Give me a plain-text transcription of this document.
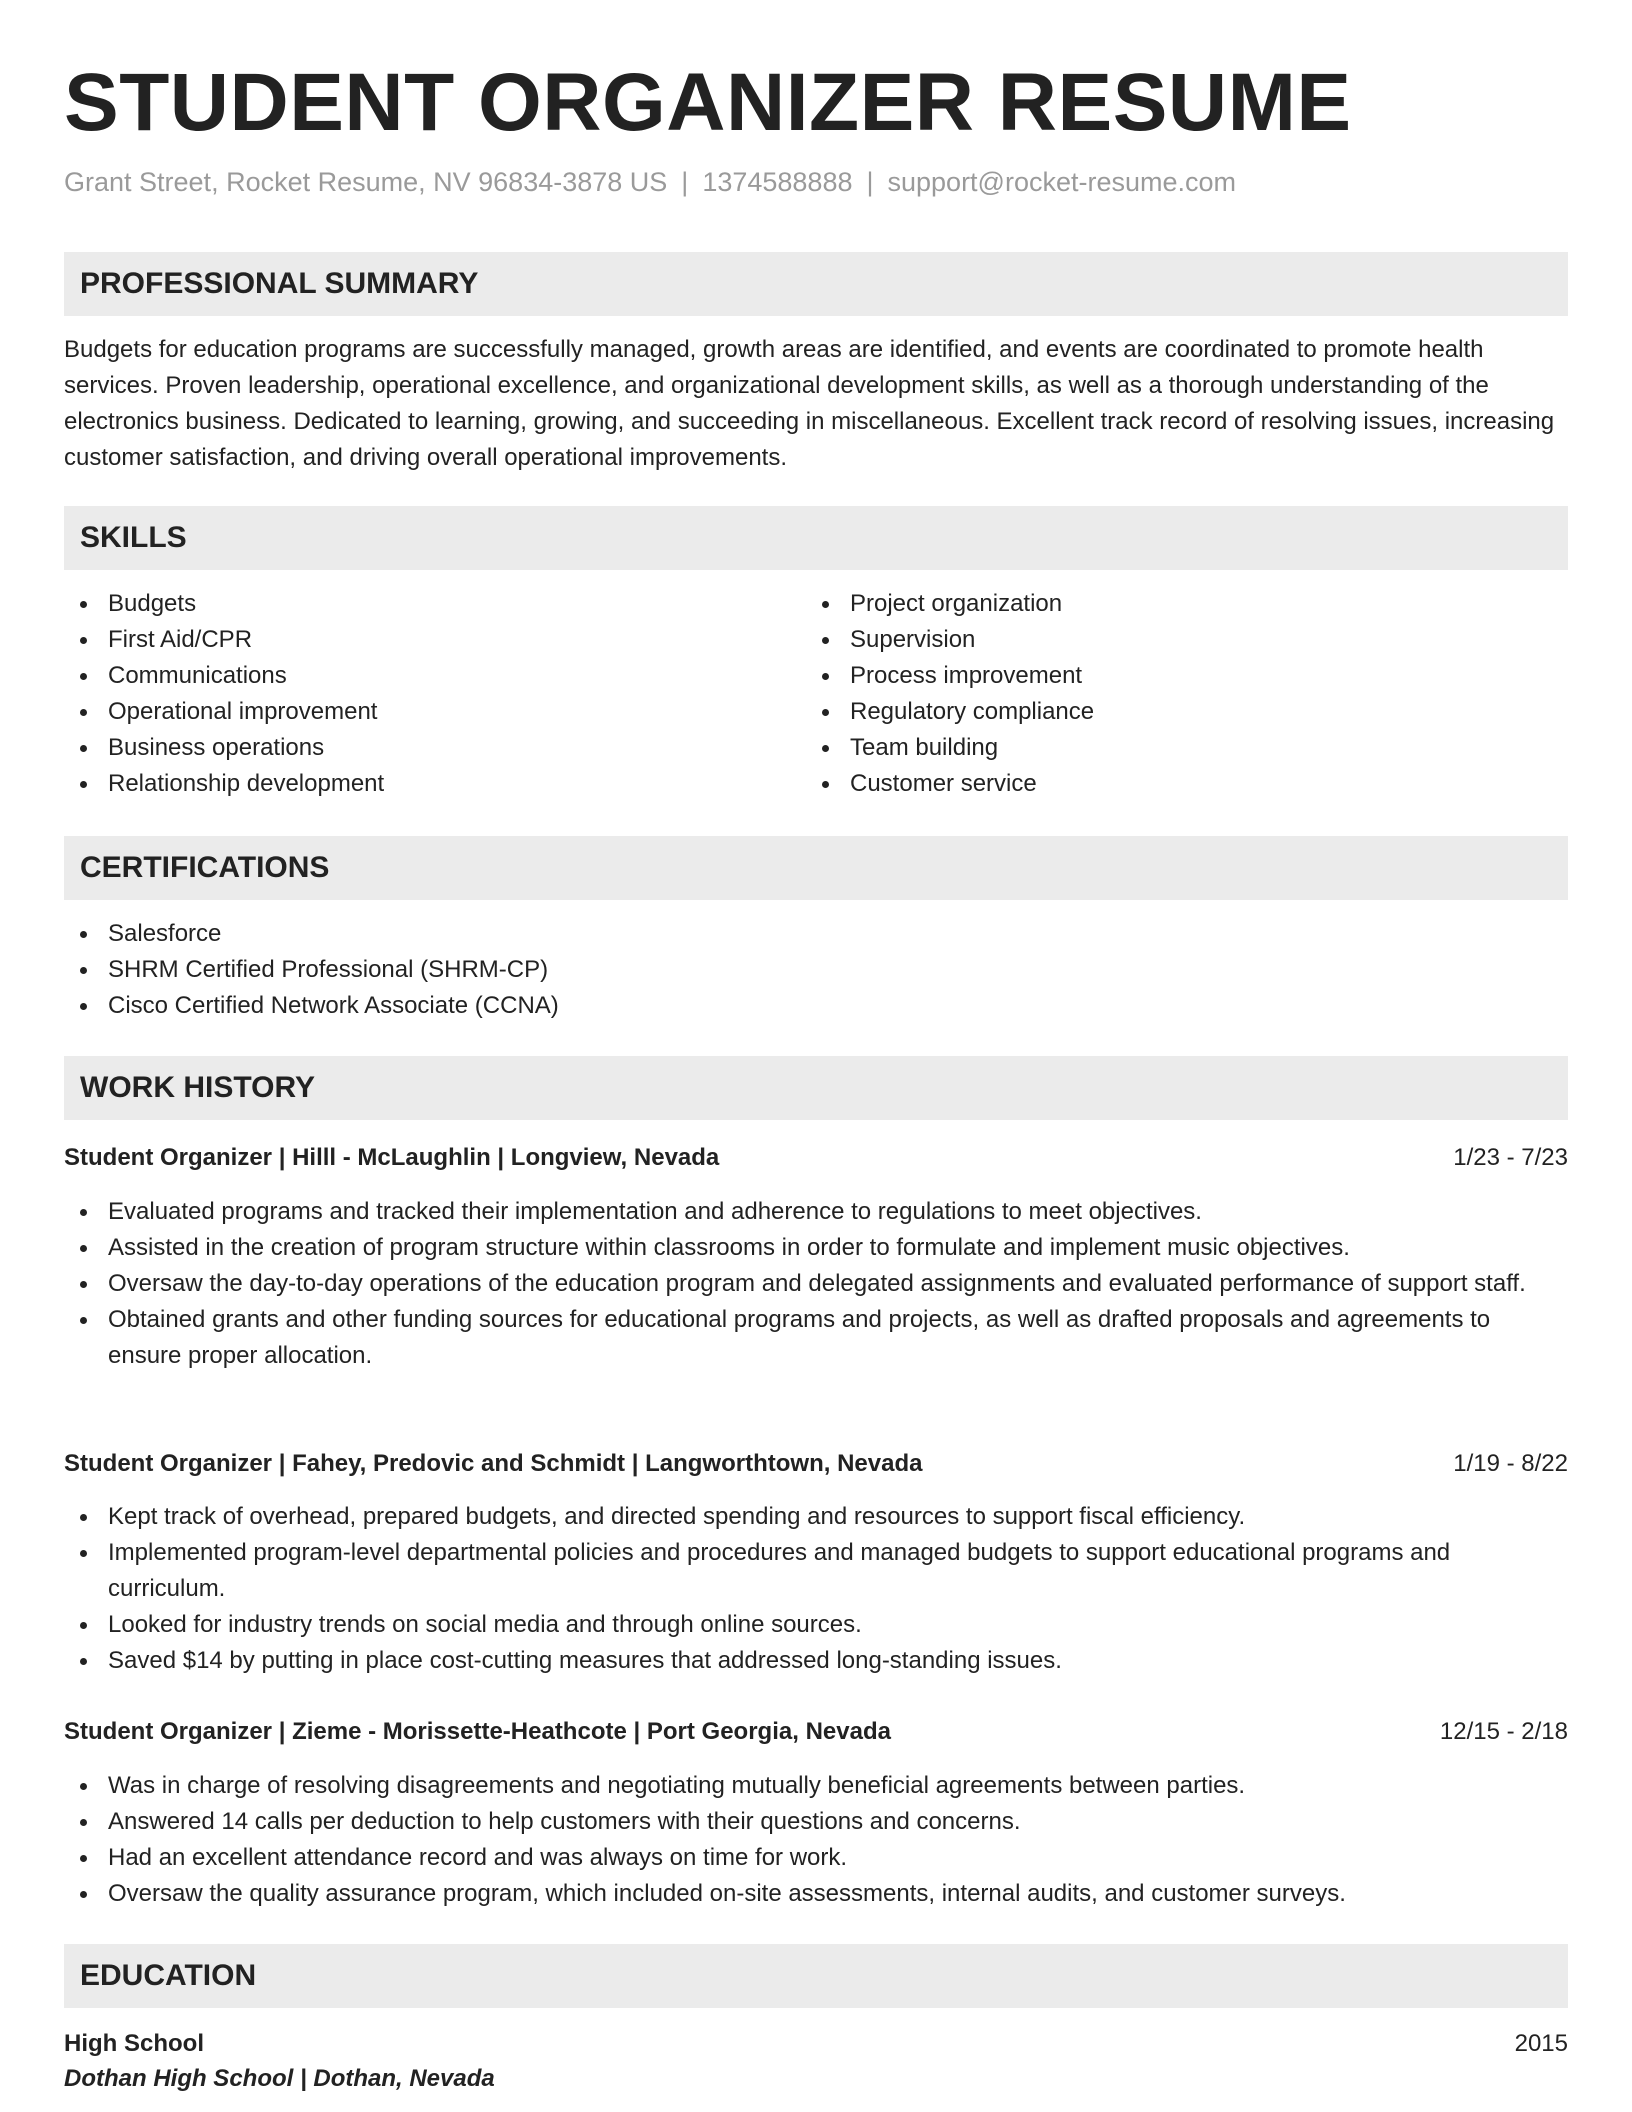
STUDENT ORGANIZER RESUME
Grant Street, Rocket Resume, NV 96834-3878 US | 1374588888 | support@rocket-resume.com
PROFESSIONAL SUMMARY

Budgets for education programs are successfully managed, growth areas are identified, and events are coordinated to promote health services. Proven leadership, operational excellence, and organizational development skills, as well as a thorough understanding of the electronics business. Dedicated to learning, growing, and succeeding in miscellaneous. Excellent track record of resolving issues, increasing customer satisfaction, and driving overall operational improvements.

SKILLS
Budgets
First Aid/CPR
Communications
Operational improvement
Business operations
Relationship development
Project organization
Supervision
Process improvement
Regulatory compliance
Team building
Customer service
CERTIFICATIONS
Salesforce
SHRM Certified Professional (SHRM-CP)
Cisco Certified Network Associate (CCNA)
WORK HISTORY
Student Organizer | Hilll - McLaughlin | Longview, Nevada	1/23 - 7/23
Evaluated programs and tracked their implementation and adherence to regulations to meet objectives.
Assisted in the creation of program structure within classrooms in order to formulate and implement music objectives.
Oversaw the day-to-day operations of the education program and delegated assignments and evaluated performance of support staff.
Obtained grants and other funding sources for educational programs and projects, as well as drafted proposals and agreements to ensure proper allocation.
Student Organizer | Fahey, Predovic and Schmidt | Langworthtown, Nevada	1/19 - 8/22
Kept track of overhead, prepared budgets, and directed spending and resources to support fiscal efficiency.
Implemented program-level departmental policies and procedures and managed budgets to support educational programs and curriculum.
Looked for industry trends on social media and through online sources.
Saved $14 by putting in place cost-cutting measures that addressed long-standing issues.
Student Organizer | Zieme - Morissette-Heathcote | Port Georgia, Nevada	12/15 - 2/18
Was in charge of resolving disagreements and negotiating mutually beneficial agreements between parties.
Answered 14 calls per deduction to help customers with their questions and concerns.
Had an excellent attendance record and was always on time for work.
Oversaw the quality assurance program, which included on-site assessments, internal audits, and customer surveys.
EDUCATION
High School	2015
Dothan High School | Dothan, Nevada
